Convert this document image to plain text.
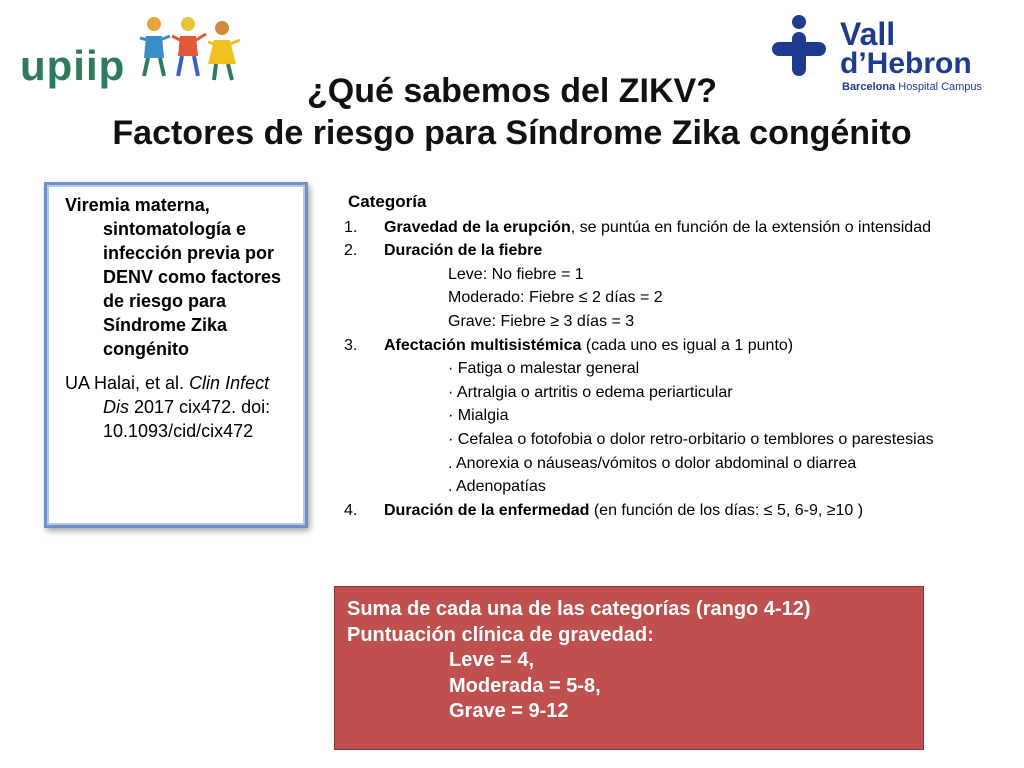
upiip
Vall
d’Hebron
Barcelona Hospital Campus
¿Qué sabemos del ZIKV?
Factores de riesgo para Síndrome Zika congénito

Viremia materna, sintomatología e infección previa por DENV como factores de riesgo para Síndrome Zika congénito

UA Halai, et al. Clin Infect Dis 2017 cix472. doi: 10.1093/cid/cix472

Categoría
1.	Gravedad de la erupción, se puntúa en función de la extensión o intensidad
2.	Duración de la fiebre
Leve: No fiebre = 1
Moderado: Fiebre ≤ 2 días = 2
Grave: Fiebre ≥ 3 días = 3
3.	Afectación multisistémica (cada uno es igual a 1 punto)
· Fatiga o malestar general
· Artralgia o artritis o edema periarticular
· Mialgia
· Cefalea o fotofobia o dolor retro-orbitario o temblores o parestesias
. Anorexia o náuseas/vómitos o dolor abdominal o diarrea
. Adenopatías
4.	Duración de la enfermedad (en función de los días: ≤ 5, 6-9, ≥10 )
Suma de cada una de las categorías (rango 4-12)
Puntuación clínica de gravedad:
Leve = 4,
Moderada = 5-8,
Grave = 9-12
